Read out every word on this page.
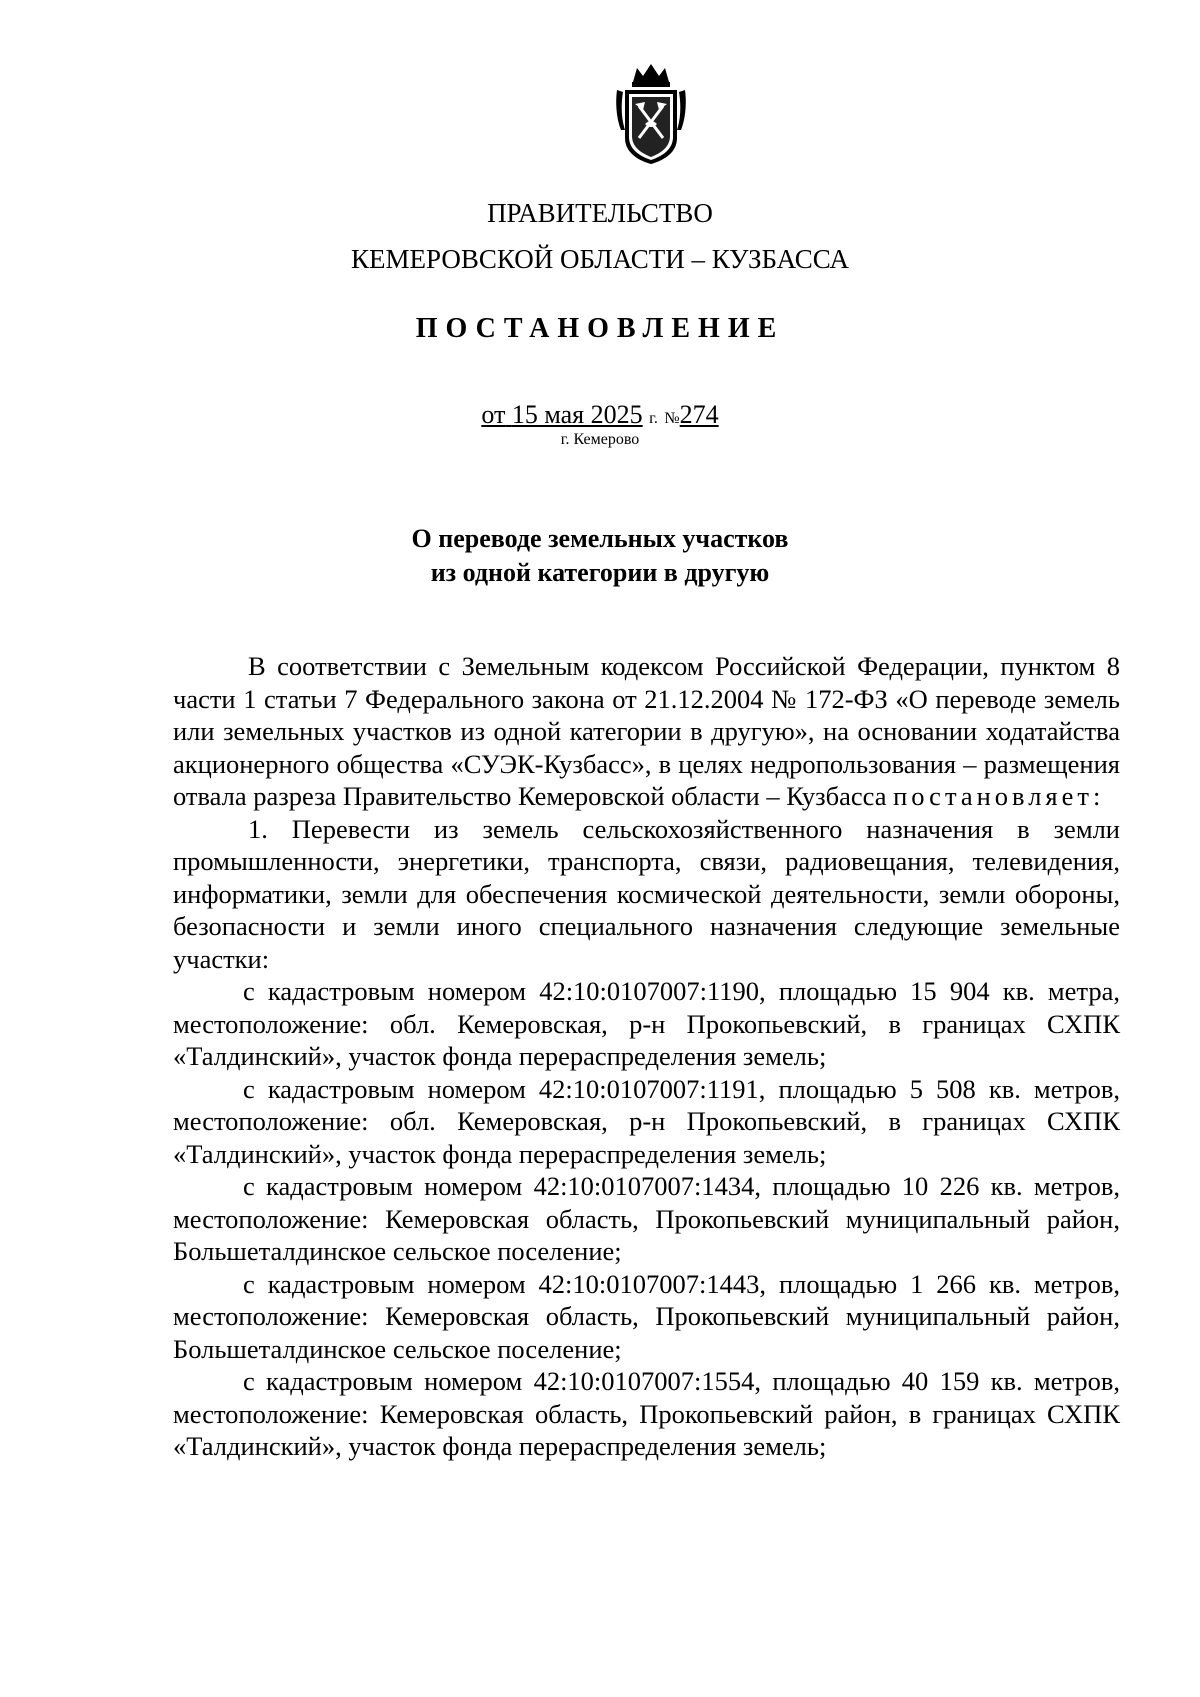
ПРАВИТЕЛЬСТВО
КЕМЕРОВСКОЙ ОБЛАСТИ – КУЗБАССА
ПОСТАНОВЛЕНИЕ
от 15 мая 2025 г. №274
г. Кемерово
О переводе земельных участков
из одной категории в другую

В соответствии с Земельным кодексом Российской Федерации, пунктом 8 части 1 статьи 7 Федерального закона от 21.12.2004 № 172-ФЗ «О переводе земель или земельных участков из одной категории в другую», на основании ходатайства акционерного общества «СУЭК-Кузбасс», в целях недропользования – размещения отвала разреза Правительство Кемеровской области – Кузбасса постановляет:

1. Перевести из земель сельскохозяйственного назначения в земли промышленности, энергетики, транспорта, связи, радиовещания, телевидения, информатики, земли для обеспечения космической деятельности, земли обороны, безопасности и земли иного специального назначения следующие земельные участки:

с кадастровым номером 42:10:0107007:1190, площадью 15 904 кв. метра, местоположение: обл. Кемеровская, р-н Прокопьевский, в границах СХПК «Талдинский», участок фонда перераспределения земель;

с кадастровым номером 42:10:0107007:1191, площадью 5 508 кв. метров, местоположение: обл. Кемеровская, р-н Прокопьевский, в границах СХПК «Талдинский», участок фонда перераспределения земель;

с кадастровым номером 42:10:0107007:1434, площадью 10 226 кв. метров, местоположение: Кемеровская область, Прокопьевский муниципальный район, Большеталдинское сельское поселение;

с кадастровым номером 42:10:0107007:1443, площадью 1 266 кв. метров, местоположение: Кемеровская область, Прокопьевский муниципальный район, Большеталдинское сельское поселение;

с кадастровым номером 42:10:0107007:1554, площадью 40 159 кв. метров, местоположение: Кемеровская область, Прокопьевский район, в границах СХПК «Талдинский», участок фонда перераспределения земель;
